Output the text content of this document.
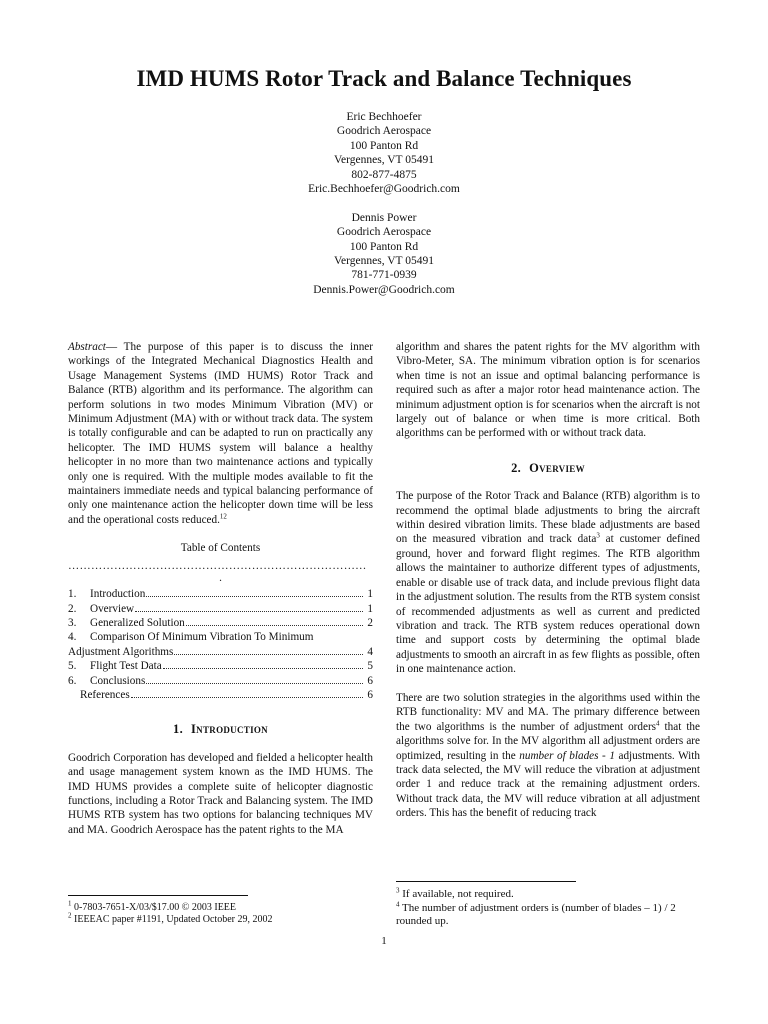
IMD HUMS Rotor Track and Balance Techniques
Eric Bechhoefer
Goodrich Aerospace
100 Panton Rd
Vergennes, VT 05491
802-877-4875
Eric.Bechhoefer@Goodrich.com
Dennis Power
Goodrich Aerospace
100 Panton Rd
Vergennes, VT 05491
781-771-0939
Dennis.Power@Goodrich.com

Abstract— The purpose of this paper is to discuss the inner workings of the Integrated Mechanical Diagnostics Health and Usage Management Systems (IMD HUMS) Rotor Track and Balance (RTB) algorithm and its performance. The algorithm can perform solutions in two modes Minimum Vibration (MV) or Minimum Adjustment (MA) with or without track data. The system is totally configurable and can be adapted to run on practically any helicopter. The IMD HUMS system will balance a healthy helicopter in no more than two maintenance actions and typically only one is required. With the multiple modes available to fit the maintainers immediate needs and typical balancing performance of only one maintenance action the helicopter down time will be less and the operational costs reduced.$^{12}$

Table of Contents
……………………………………………………………………
.
1.	Introduction	1
2.	Overview	1
3.	Generalized Solution	2
4.	Comparison Of Minimum Vibration To Minimum
Adjustment Algorithms	4
5.	Flight Test Data	5
6.	Conclusions	6
References	6
1. Introduction

Goodrich Corporation has developed and fielded a helicopter health and usage management system known as the IMD HUMS. The IMD HUMS provides a complete suite of helicopter diagnostic functions, including a Rotor Track and Balancing system. The IMD HUMS RTB system has two options for balancing techniques MV and MA. Goodrich Aerospace has the patent rights to the MA

$^1$ 0-7803-7651-X/03/$17.00 © 2003 IEEE
$^2$ IEEEAC paper #1191, Updated October 29, 2002

algorithm and shares the patent rights for the MV algorithm with Vibro-Meter, SA. The minimum vibration option is for scenarios when time is not an issue and optimal balancing performance is required such as after a major rotor head maintenance action. The minimum adjustment option is for scenarios when the aircraft is not largely out of balance or when time is more critical. Both algorithms can be performed with or without track data.

2. Overview

The purpose of the Rotor Track and Balance (RTB) algorithm is to recommend the optimal blade adjustments to bring the aircraft within desired vibration limits. These blade adjustments are based on the measured vibration and track data$^3$ at customer defined ground, hover and forward flight regimes. The RTB algorithm allows the maintainer to authorize different types of adjustments, enable or disable use of track data, and include previous flight data in the adjustment solution. The results from the RTB system consist of recommended adjustments as well as current and predicted vibration and track. The RTB system reduces operational down time and support costs by determining the optimal blade adjustments to smooth an aircraft in as few flights as possible, often in one maintenance action.

There are two solution strategies in the algorithms used within the RTB functionality: MV and MA. The primary difference between the two algorithms is the number of adjustment orders$^4$ that the algorithms solve for. In the MV algorithm all adjustment orders are optimized, resulting in the number of blades - 1 adjustments. With track data selected, the MV will reduce the vibration at adjustment order 1 and reduce track at the remaining adjustment orders. Without track data, the MV will reduce vibration at all adjustment orders. This has the benefit of reducing track

$^3$ If available, not required.
$^4$ The number of adjustment orders is (number of blades – 1) / 2 rounded up.
1
